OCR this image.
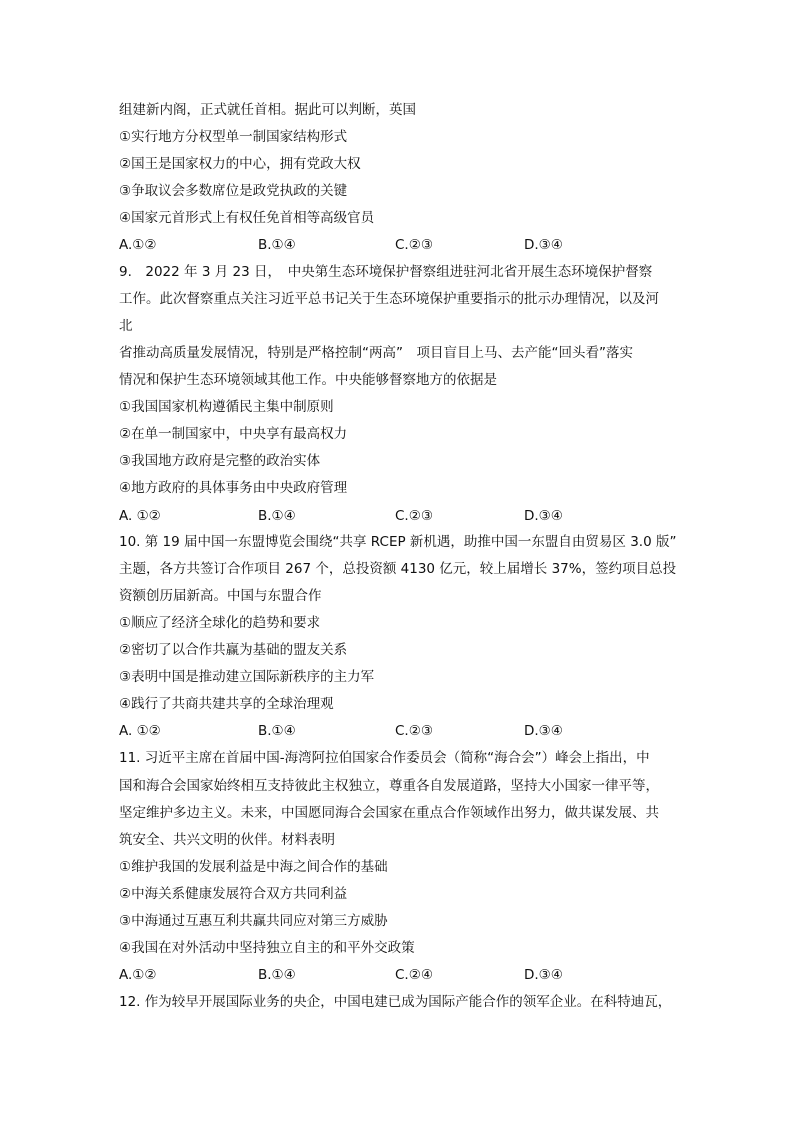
组建新内阁，正式就任首相。据此可以判断，英国
①实行地方分权型单一制国家结构形式
②国王是国家权力的中心，拥有党政大权
③争取议会多数席位是政党执政的关键
④国家元首形式上有权任免首相等高级官员
A.①②	B.①④	C.②③	D.③④
9.　2022 年 3 月 23 日，　中央第生态环境保护督察组进驻河北省开展生态环境保护督察
工作。此次督察重点关注习近平总书记关于生态环境保护重要指示的批示办理情况，以及河
北
省推动高质量发展情况，特别是严格控制“两高”　项目盲目上马、去产能“回头看”落实
情况和保护生态环境领域其他工作。中央能够督察地方的依据是
①我国国家机构遵循民主集中制原则
②在单一制国家中，中央享有最高权力
③我国地方政府是完整的政治实体
④地方政府的具体事务由中央政府管理
A. ①②	B.①④	C.②③	D.③④
10. 第 19 届中国一东盟博览会围绕“共享 RCEP 新机遇，助推中国一东盟自由贸易区 3.0 版”
主题，各方共签订合作项目 267 个，总投资额 4130 亿元，较上届增长 37%，签约项目总投
资额创历届新高。中国与东盟合作
①顺应了经济全球化的趋势和要求
②密切了以合作共赢为基础的盟友关系
③表明中国是推动建立国际新秩序的主力军
④践行了共商共建共享的全球治理观
A. ①②	B.①④	C.②③	D.③④
11. 习近平主席在首届中国-海湾阿拉伯国家合作委员会（简称“海合会”）峰会上指出，中
国和海合会国家始终相互支持彼此主权独立，尊重各自发展道路，坚持大小国家一律平等，
坚定维护多边主义。未来，中国愿同海合会国家在重点合作领域作出努力，做共谋发展、共
筑安全、共兴文明的伙伴。材料表明
①维护我国的发展利益是中海之间合作的基础
②中海关系健康发展符合双方共同利益
③中海通过互惠互利共赢共同应对第三方威胁
④我国在对外活动中坚持独立自主的和平外交政策
A.①②	B.①④	C.②④	D.③④
12. 作为较早开展国际业务的央企，中国电建已成为国际产能合作的领军企业。在科特迪瓦，
